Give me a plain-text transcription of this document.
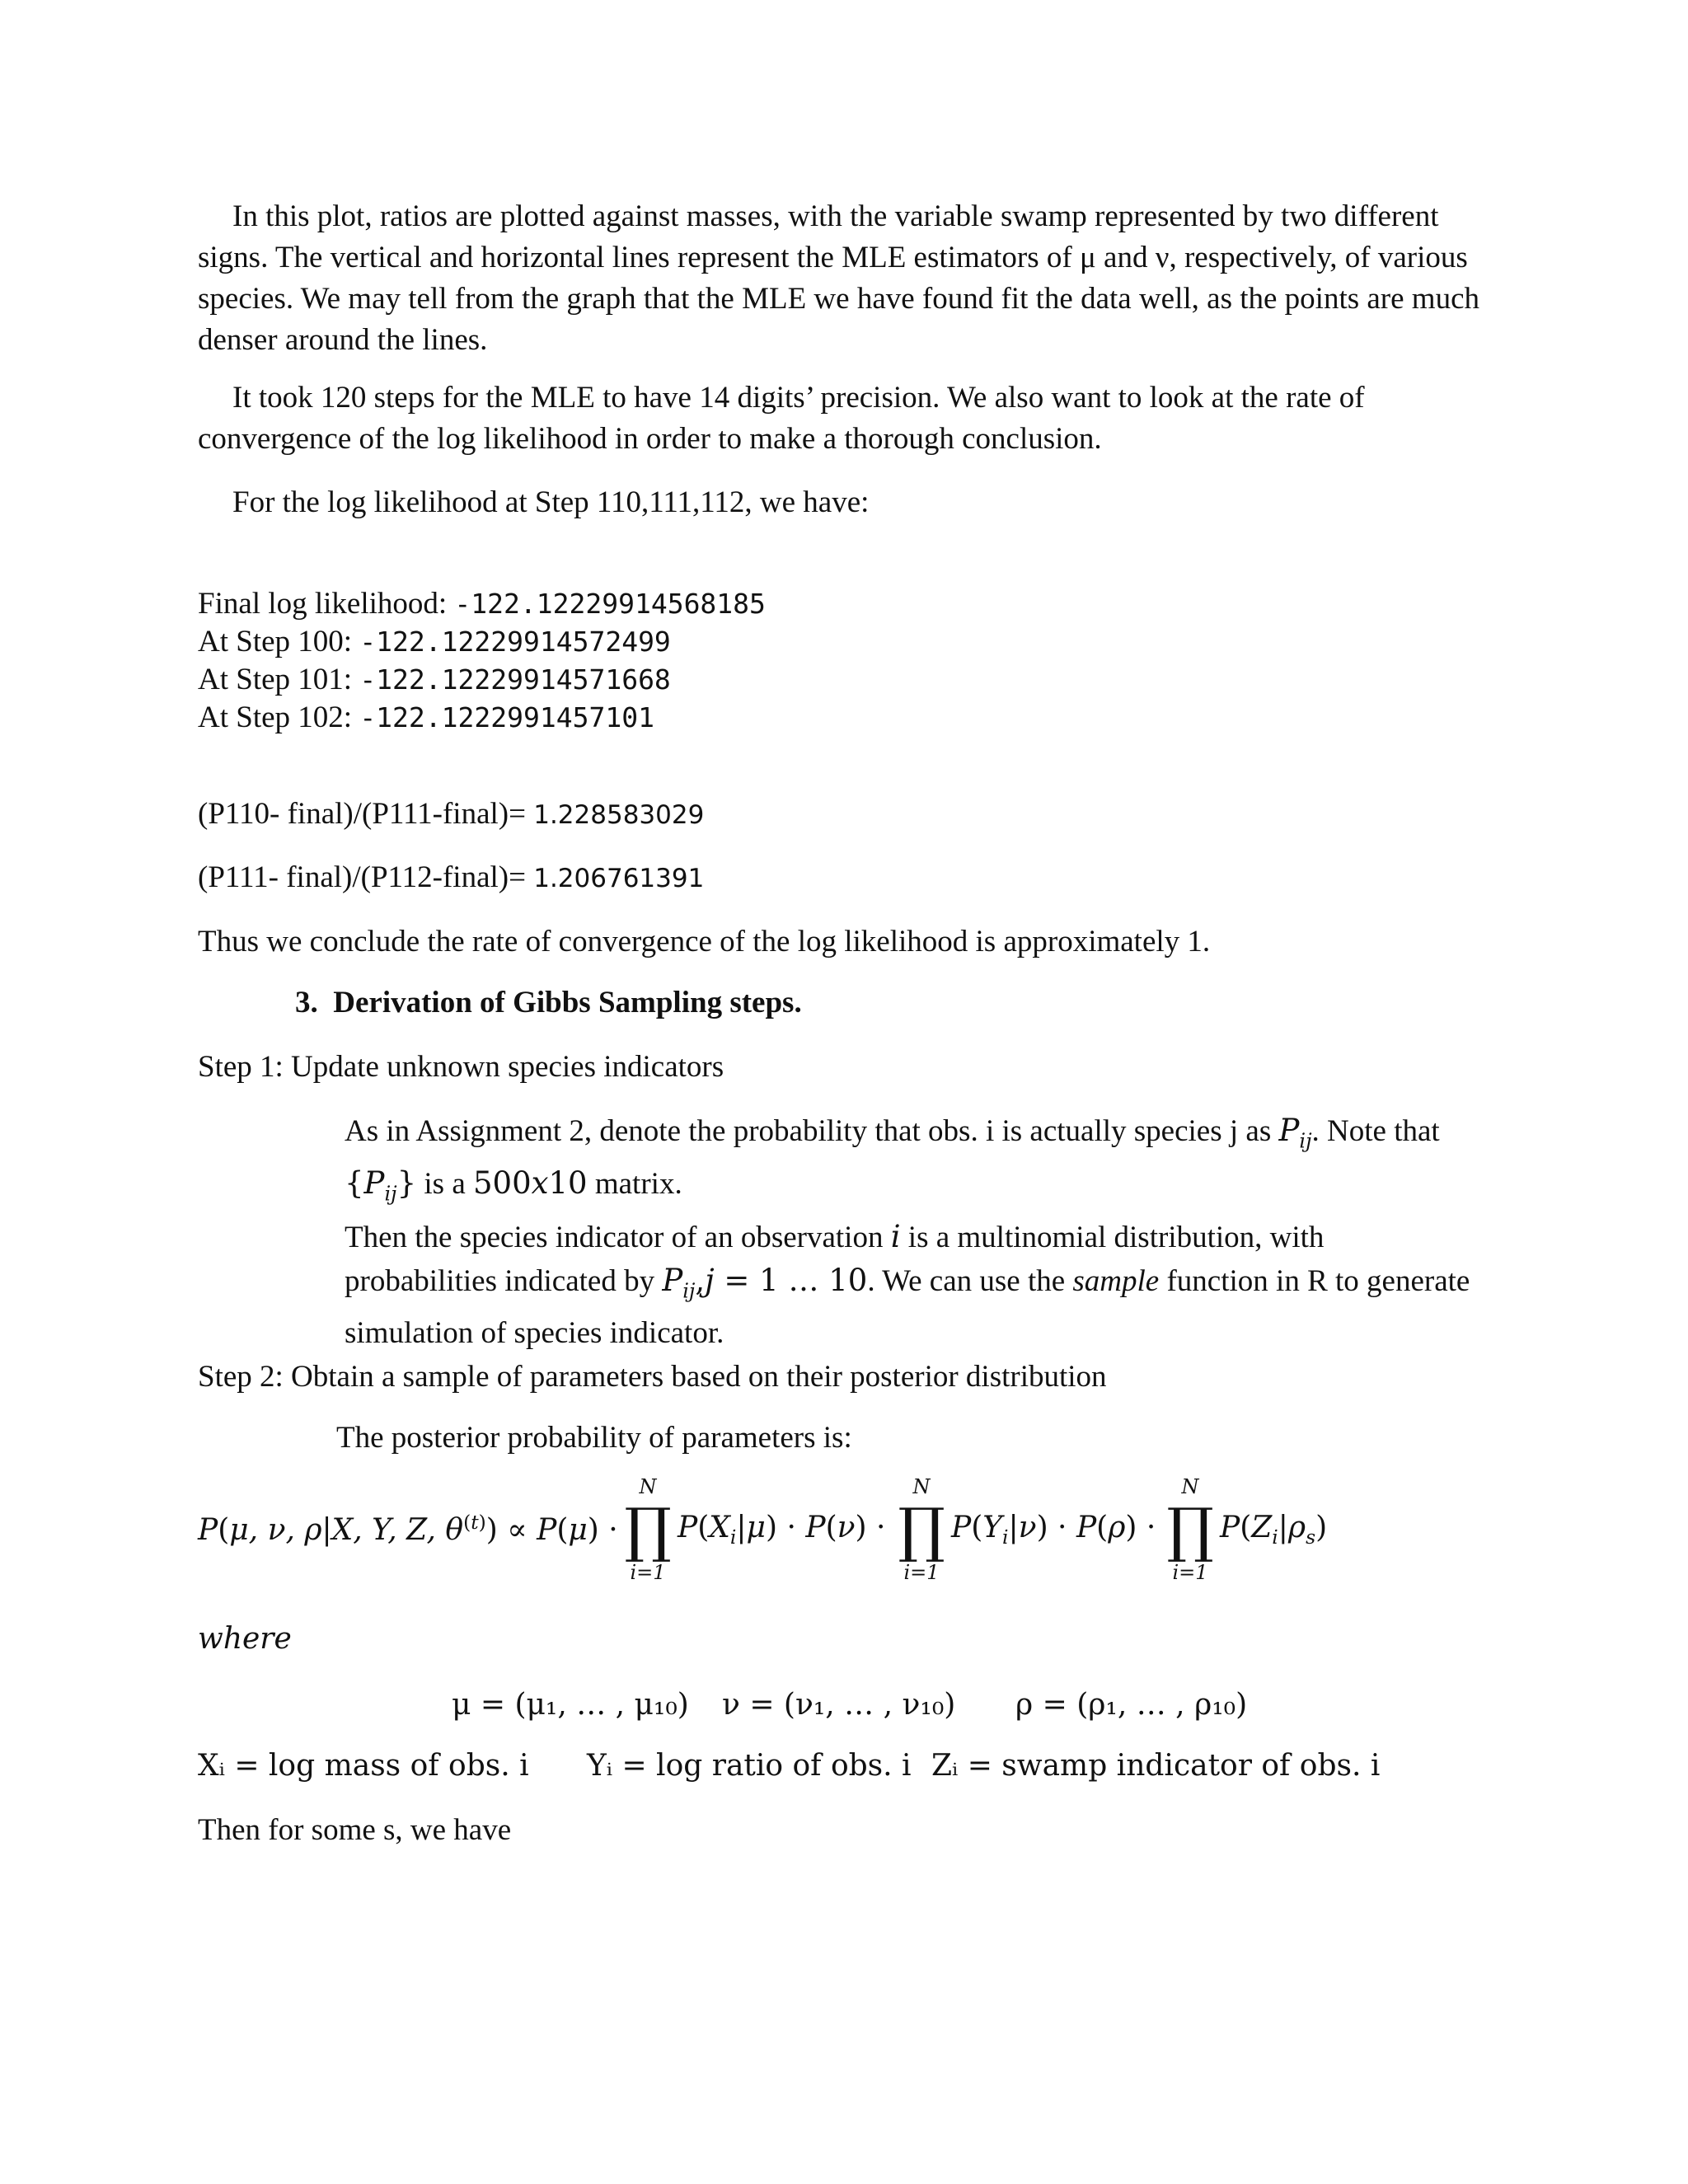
In this plot, ratios are plotted against masses, with the variable swamp represented by two different signs. The vertical and horizontal lines represent the MLE estimators of μ and ν, respectively, of various species. We may tell from the graph that the MLE we have found fit the data well, as the points are much denser around the lines.

It took 120 steps for the MLE to have 14 digits’ precision. We also want to look at the rate of convergence of the log likelihood in order to make a thorough conclusion.

For the log likelihood at Step 110,111,112, we have:

Final log likelihood: -122.12229914568185
At Step 100: -122.12229914572499
At Step 101: -122.12229914571668
At Step 102: -122.1222991457101
(P110- final)/(P111-final)= 1.228583029
(P111- final)/(P112-final)= 1.206761391
Thus we conclude the rate of convergence of the log likelihood is approximately 1.
3. Derivation of Gibbs Sampling steps.
Step 1: Update unknown species indicators

As in Assignment 2, denote the probability that obs. i is actually species j as $P_{ij}$. Note that $\{P_{ij}\}$ is a 500x10 matrix.
Then the species indicator of an observation i is a multinomial distribution, with probabilities indicated by $P_{ij},j = 1$ … 10. We can use the sample function in R to generate simulation of species indicator.

Step 2: Obtain a sample of parameters based on their posterior distribution
The posterior probability of parameters is:
P(μ, ν, ρ|X, Y, Z, $\theta^{(t)}) \propto P(\mu)$ ·
N
∏
i=1
$P(X_i|\mu) \cdot P(\nu)$ ·
N
∏
i=1
$P(Y_i|\nu) \cdot P(\rho)$ ·
N
∏
i=1
$P(Z_i|\rho_s)$
where
μ = (μ₁, … , μ₁₀) ν = (ν₁, … , ν₁₀) ρ = (ρ₁, … , ρ₁₀)
Xᵢ = log mass of obs. i Yᵢ = log ratio of obs. i Zᵢ = swamp indicator of obs. i
Then for some s, we have
